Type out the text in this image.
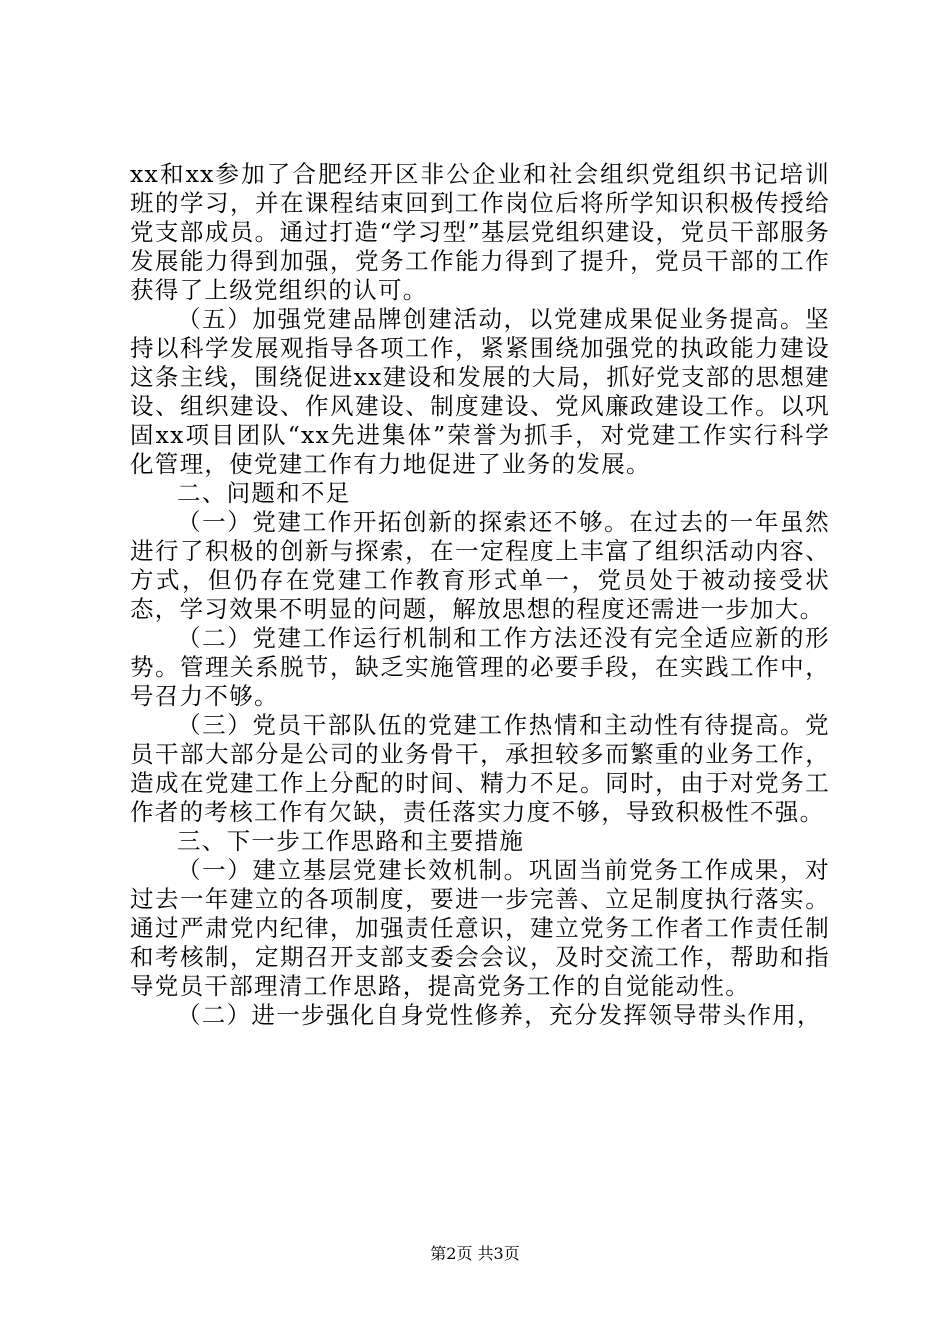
xx和xx参加了合肥经开区非公企业和社会组织党组织书记培训班的学习，并在课程结束回到工作岗位后将所学知识积极传授给党支部成员。通过打造“学习型”基层党组织建设，党员干部服务发展能力得到加强，党务工作能力得到了提升，党员干部的工作获得了上级党组织的认可。

（五）加强党建品牌创建活动，以党建成果促业务提高。坚持以科学发展观指导各项工作，紧紧围绕加强党的执政能力建设这条主线，围绕促进xx建设和发展的大局，抓好党支部的思想建设、组织建设、作风建设、制度建设、党风廉政建设工作。以巩固xx项目团队“xx先进集体”荣誉为抓手，对党建工作实行科学化管理，使党建工作有力地促进了业务的发展。

二、问题和不足

（一）党建工作开拓创新的探索还不够。在过去的一年虽然进行了积极的创新与探索，在一定程度上丰富了组织活动内容、方式，但仍存在党建工作教育形式单一，党员处于被动接受状态，学习效果不明显的问题，解放思想的程度还需进一步加大。

（二）党建工作运行机制和工作方法还没有完全适应新的形势。管理关系脱节，缺乏实施管理的必要手段，在实践工作中，号召力不够。

（三）党员干部队伍的党建工作热情和主动性有待提高。党员干部大部分是公司的业务骨干，承担较多而繁重的业务工作，造成在党建工作上分配的时间、精力不足。同时，由于对党务工作者的考核工作有欠缺，责任落实力度不够，导致积极性不强。

三、下一步工作思路和主要措施

（一）建立基层党建长效机制。巩固当前党务工作成果，对过去一年建立的各项制度，要进一步完善、立足制度执行落实。通过严肃党内纪律，加强责任意识，建立党务工作者工作责任制和考核制，定期召开支部支委会会议，及时交流工作，帮助和指导党员干部理清工作思路，提高党务工作的自觉能动性。

（二）进一步强化自身党性修养，充分发挥领导带头作用，

第2页 共3页
